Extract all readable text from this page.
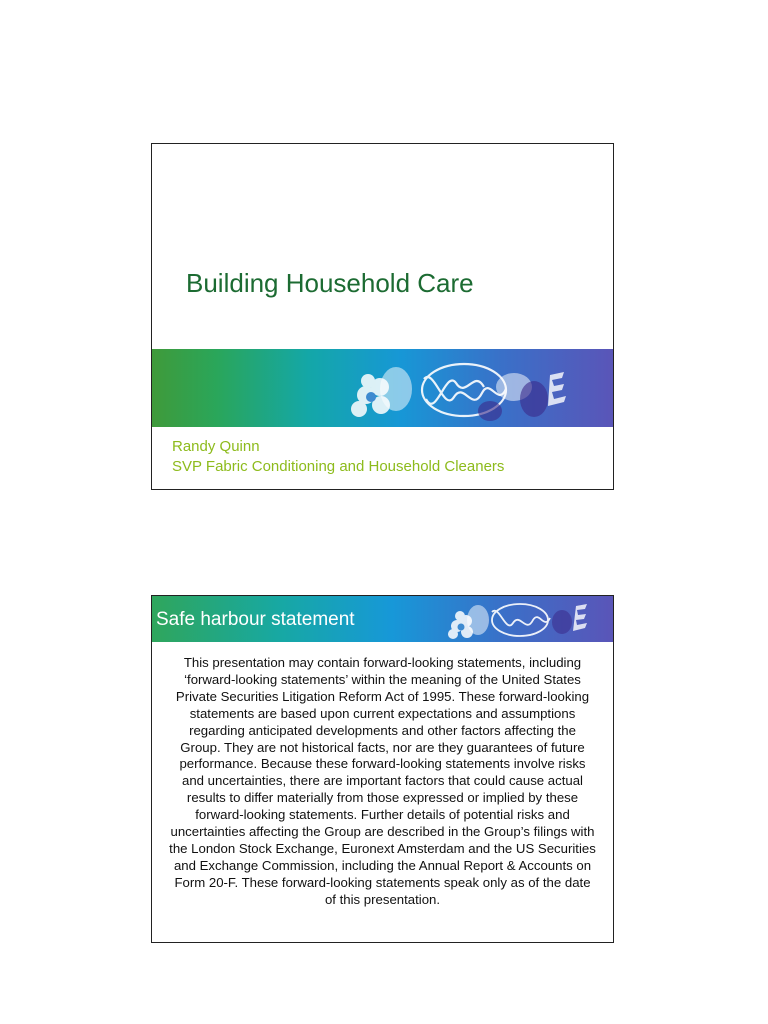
Building Household Care
Randy Quinn
SVP Fabric Conditioning and Household Cleaners
Safe harbour statement

This presentation may contain forward-looking statements, including ‘forward-looking statements’ within the meaning of the United States Private Securities Litigation Reform Act of 1995. These forward-looking statements are based upon current expectations and assumptions regarding anticipated developments and other factors affecting the Group. They are not historical facts, nor are they guarantees of future performance. Because these forward-looking statements involve risks and uncertainties, there are important factors that could cause actual results to differ materially from those expressed or implied by these forward-looking statements. Further details of potential risks and uncertainties affecting the Group are described in the Group’s filings with the London Stock Exchange, Euronext Amsterdam and the US Securities and Exchange Commission, including the Annual Report & Accounts on Form 20-F. These forward-looking statements speak only as of the date of this presentation.
